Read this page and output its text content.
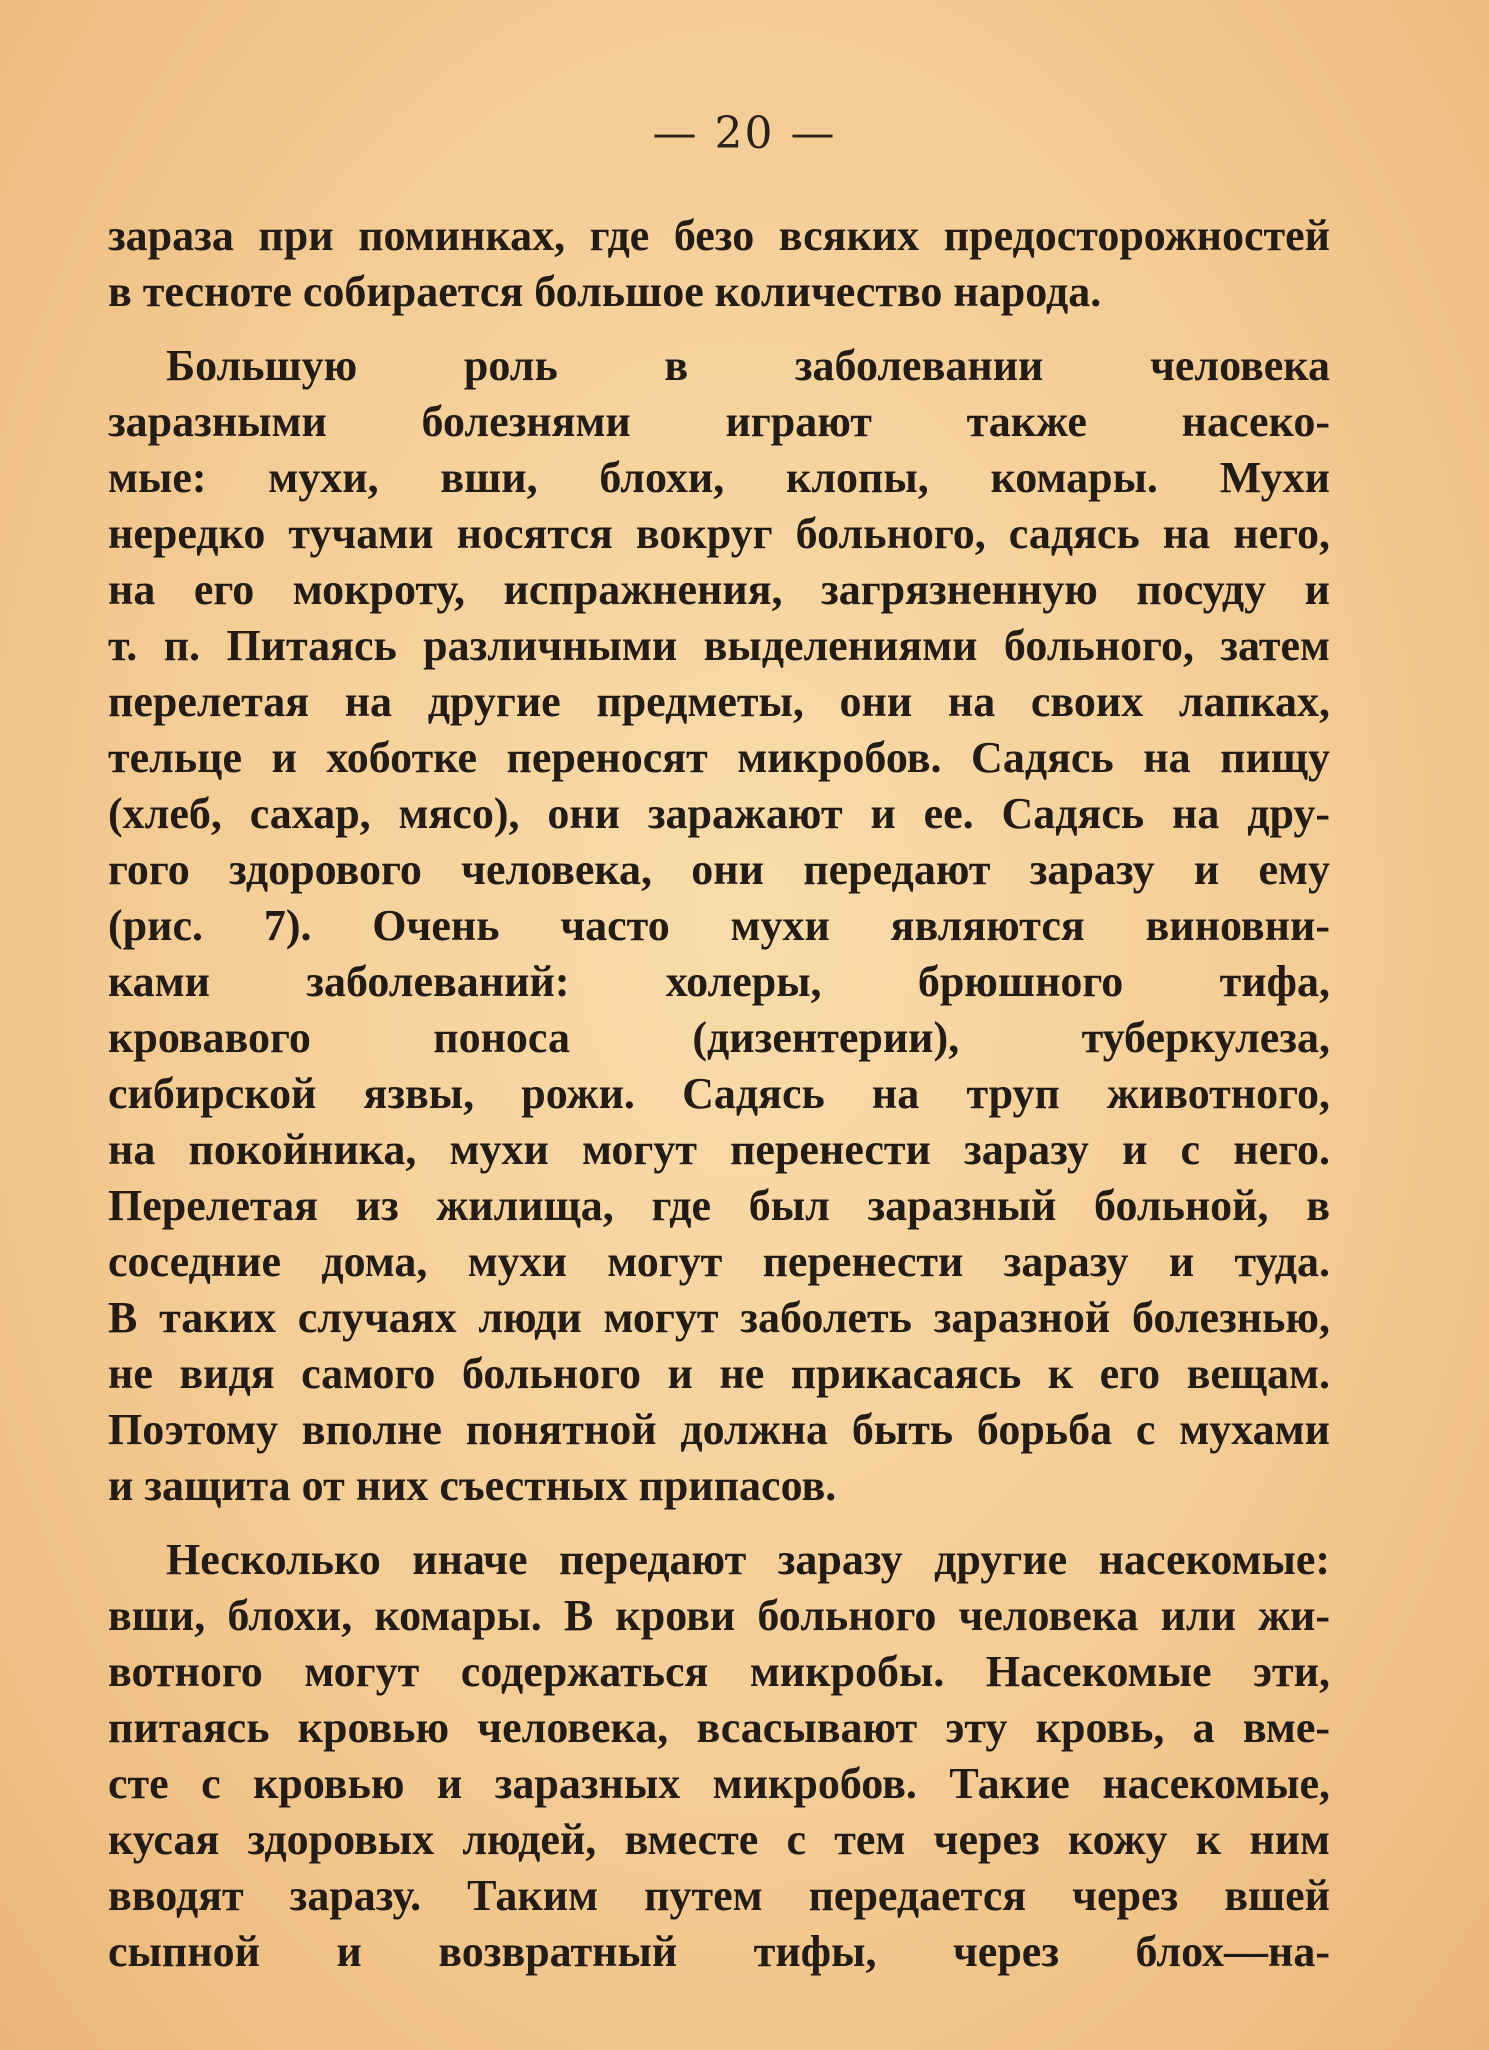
— 20 —
зараза при поминках, где безо всяких предосторожностей
в тесноте собирается большое количество народа.
Большую роль в заболевании человека
заразными болезнями играют также насеко-
мые: мухи, вши, блохи, клопы, комары. Мухи
нередко тучами носятся вокруг больного, садясь на него,
на его мокроту, испражнения, загрязненную посуду и
т. п. Питаясь различными выделениями больного, затем
перелетая на другие предметы, они на своих лапках,
тельце и хоботке переносят микробов. Садясь на пищу
(хлеб, сахар, мясо), они заражают и ее. Садясь на дру-
гого здорового человека, они передают заразу и ему
(рис. 7). Очень часто мухи являются виновни-
ками заболеваний: холеры, брюшного тифа,
кровавого поноса (дизентерии), туберкулеза,
сибирской язвы, рожи. Садясь на труп животного,
на покойника, мухи могут перенести заразу и с него.
Перелетая из жилища, где был заразный больной, в
соседние дома, мухи могут перенести заразу и туда.
В таких случаях люди могут заболеть заразной болезнью,
не видя самого больного и не прикасаясь к его вещам.
Поэтому вполне понятной должна быть борьба с мухами
и защита от них съестных припасов.
Несколько иначе передают заразу другие насекомые:
вши, блохи, комары. В крови больного человека или жи-
вотного могут содержаться микробы. Насекомые эти,
питаясь кровью человека, всасывают эту кровь, а вме-
сте с кровью и заразных микробов. Такие насекомые,
кусая здоровых людей, вместе с тем через кожу к ним
вводят заразу. Таким путем передается через вшей
сыпной и возвратный тифы, через блох—на-
